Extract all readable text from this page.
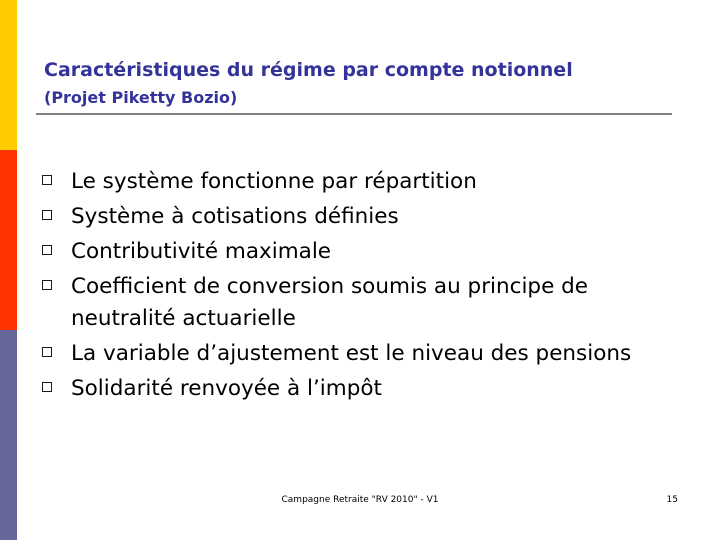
Caractéristiques du régime par compte notionnel
(Projet Piketty Bozio)
Le système fonctionne par répartition
Système à cotisations définies
Contributivité maximale
Coefficient de conversion soumis au principe de neutralité actuarielle
La variable d’ajustement est le niveau des pensions
Solidarité renvoyée à l’impôt
Campagne Retraite "RV 2010" - V1	15
